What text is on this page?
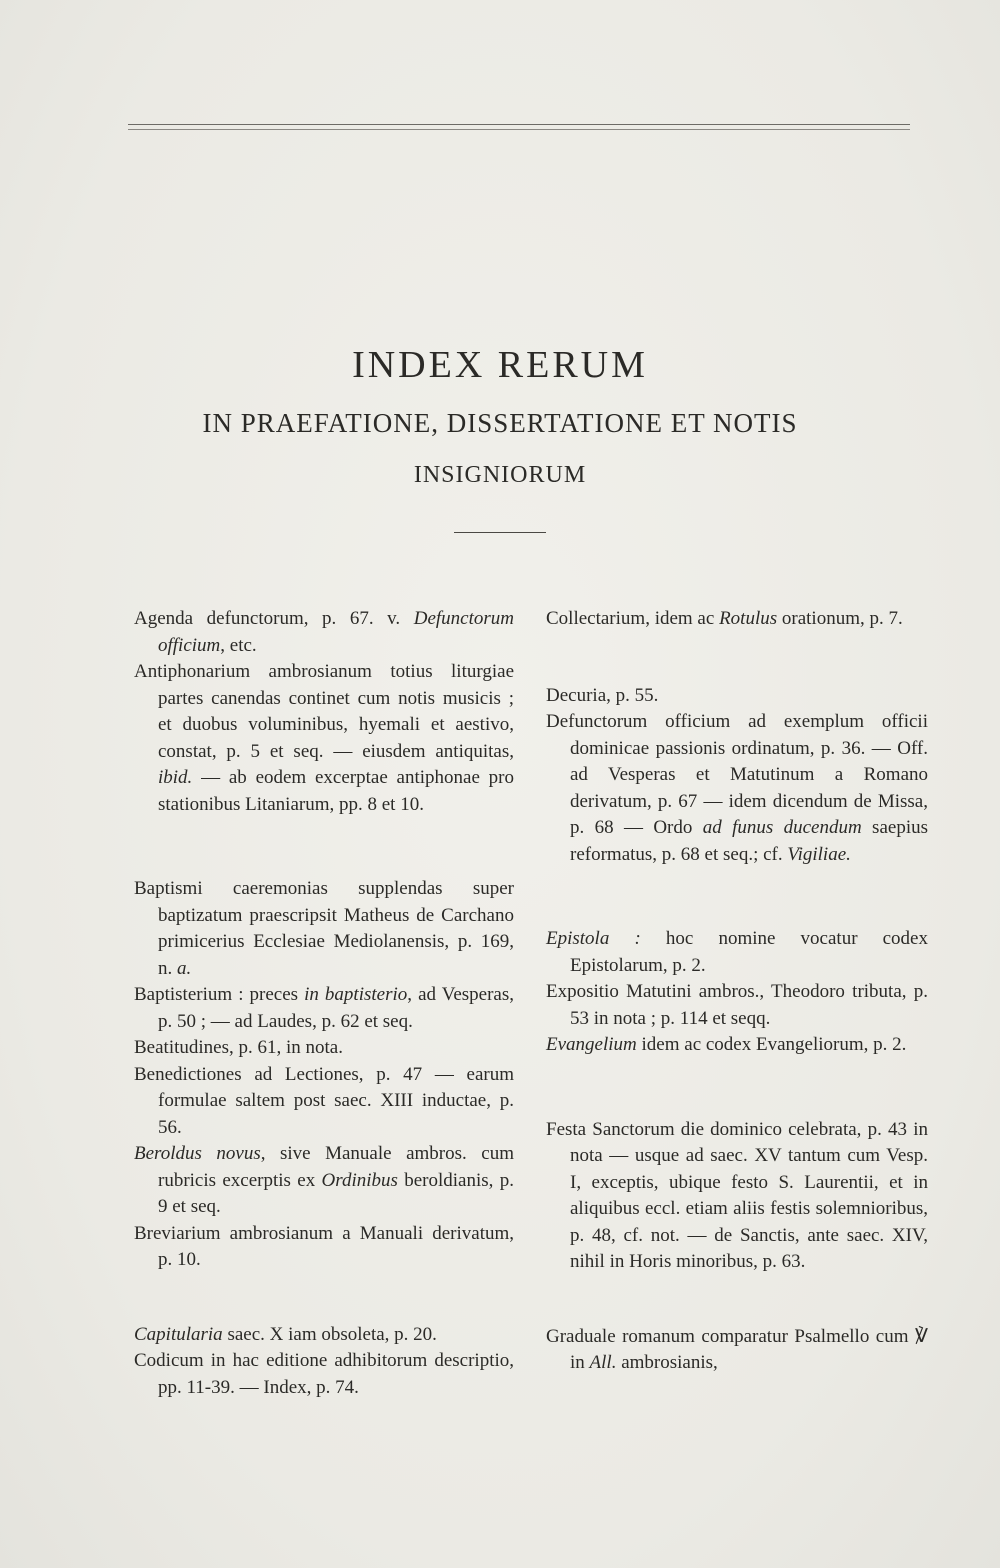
INDEX RERUM
IN PRAEFATIONE, DISSERTATIONE ET NOTIS
INSIGNIORUM

Agenda defunctorum, p. 67. v. Defunctorum officium, etc.

Antiphonarium ambrosianum totius liturgiae partes canendas continet cum notis musicis ; et duobus voluminibus, hyemali et aestivo, constat, p. 5 et seq. — eiusdem antiquitas, ibid. — ab eodem excerptae antiphonae pro stationibus Litaniarum, pp. 8 et 10.

Baptismi caeremonias supplendas super baptizatum praescripsit Matheus de Carchano primicerius Ecclesiae Mediolanensis, p. 169, n. a.

Baptisterium : preces in baptisterio, ad Vesperas, p. 50 ; — ad Laudes, p. 62 et seq.

Beatitudines, p. 61, in nota.

Benedictiones ad Lectiones, p. 47 — earum formulae saltem post saec. XIII inductae, p. 56.

Beroldus novus, sive Manuale ambros. cum rubricis excerptis ex Ordinibus beroldianis, p. 9 et seq.

Breviarium ambrosianum a Manuali derivatum, p. 10.

Capitularia saec. X iam obsoleta, p. 20.

Codicum in hac editione adhibitorum descriptio, pp. 11-39. — Index, p. 74.

Collectarium, idem ac Rotulus orationum, p. 7.

Decuria, p. 55.

Defunctorum officium ad exemplum officii dominicae passionis ordinatum, p. 36. — Off. ad Vesperas et Matutinum a Romano derivatum, p. 67 — idem dicendum de Missa, p. 68 — Ordo ad funus ducendum saepius reformatus, p. 68 et seq.; cf. Vigiliae.

Epistola : hoc nomine vocatur codex Epistolarum, p. 2.

Expositio Matutini ambros., Theodoro tributa, p. 53 in nota ; p. 114 et seqq.

Evangelium idem ac codex Evangeliorum, p. 2.

Festa Sanctorum die dominico celebrata, p. 43 in nota — usque ad saec. XV tantum cum Vesp. I, exceptis, ubique festo S. Laurentii, et in aliquibus eccl. etiam aliis festis solemnioribus, p. 48, cf. not. — de Sanctis, ante saec. XIV, nihil in Horis minoribus, p. 63.

Graduale romanum comparatur Psalmello cum ℣ in All. ambrosianis,
